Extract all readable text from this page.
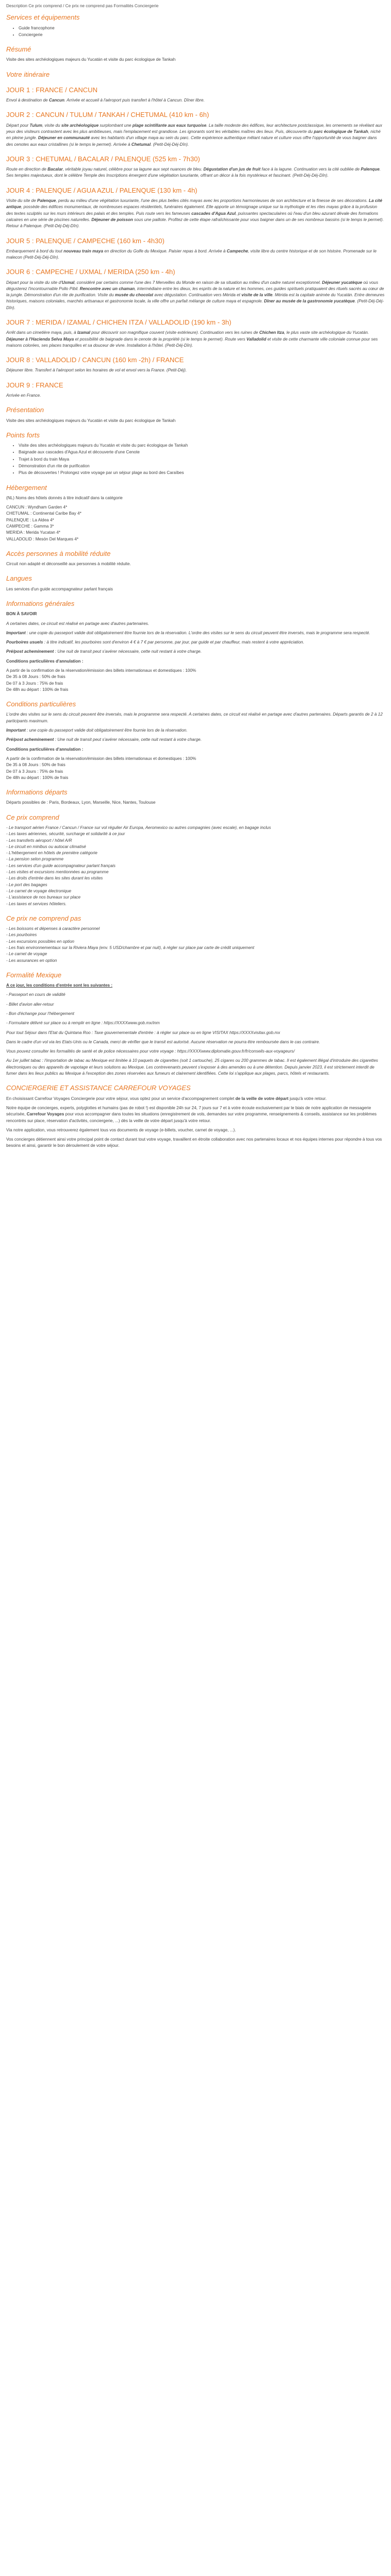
Description Ce prix comprend / Ce prix ne comprend pas Formalités Conciergerie

Services et équipements
• Guide francophone
• Conciergerie
Résumé

Visite des sites archéologiques majeurs du Yucatán et visite du parc écologique de Tankah

Votre itinéraire
JOUR 1 : FRANCE / CANCUN

Envol à destination de Cancun. Arrivée et accueil à l'aéroport puis transfert à l'hôtel à Cancun. Dîner libre.

JOUR 2 : CANCUN / TULUM / TANKAH / CHETUMAL (410 km - 6h)

Départ pour Tulum, visite du site archéologique surplombant une plage scintillante aux eaux turquoise. La taille modeste des édifices, leur architecture postclassique, les ornements se révélant aux yeux des visiteurs contrastent avec les plus ambitieuses, mais l'emplacement est grandiose. Les ignorants sont les véritables maîtres des lieux. Puis, découverte du parc écologique de Tankah, niché en pleine jungle. Déjeuner en communauté avec les habitants d'un village maya au sein du parc. Cette expérience authentique mêlant nature et culture vous offre l'opportunité de vous baigner dans des cenotes aux eaux cristallines (si le temps le permet). Arrivée à Chetumal. (Petit-Déj-Déj-Dîn).

JOUR 3 : CHETUMAL / BACALAR / PALENQUE (525 km - 7h30)

Route en direction de Bacalar, véritable joyau naturel, célèbre pour sa lagune aux sept nuances de bleu. Dégustation d'un jus de fruit face à la lagune. Continuation vers la cité oubliée de Palenque. Ses temples majestueux, dont le célèbre Temple des Inscriptions émergent d'une végétation luxuriante, offrant un décor à la fois mystérieux et fascinant. (Petit-Déj-Déj-Dîn).

JOUR 4 : PALENQUE / AGUA AZUL / PALENQUE (130 km - 4h)

Visite du site de Palenque, perdu au milieu d'une végétation luxuriante, l'une des plus belles cités mayas avec les proportions harmonieuses de son architecture et la finesse de ses décorations. La cité antique, possède des édifices monumentaux, de nombreuses espaces résidentiels, funéraires également. Elle apporte un témoignage unique sur la mythologie et les rites mayas grâce à la profusion des textes sculptés sur les murs intérieurs des palais et des temples. Puis route vers les fameuses cascades d'Agua Azul, puissantes spectaculaires où l'eau d'un bleu azurant dévale des formations calcaires en une série de piscines naturelles. Déjeuner de poisson sous une paillote. Profitez de cette étape rafraîchissante pour vous baigner dans un de ses nombreux bassins (si le temps le permet). Retour à Palenque. (Petit-Déj-Déj-Dîn).

JOUR 5 : PALENQUE / CAMPECHE (160 km - 4h30)

Embarquement à bord du tout nouveau train maya en direction du Golfe du Mexique. Paisier repas à bord. Arrivée à Campeche, visite libre du centre historique et de son histoire. Promenade sur le malecon (Petit-Déj-Déj-Dîn).

JOUR 6 : CAMPECHE / UXMAL / MERIDA (250 km - 4h)

Départ pour la visite du site d'Uxmal, considéré par certains comme l'une des 7 Merveilles du Monde en raison de sa situation au milieu d'un cadre naturel exceptionnel. Déjeuner yucatèque où vous dégusterez l'incontournable Pollo Pibil. Rencontre avec un chaman, intermédiaire entre les dieux, les esprits de la nature et les hommes, ces guides spirituels pratiquaient des rituels sacrés au cœur de la jungle. Démonstration d'un rite de purification. Visite du musée du chocolat avec dégustation. Continuation vers Mérida et visite de la ville. Mérida est la capitale animée du Yucatán. Entre demeures historiques, maisons coloniales, marchés artisanaux et gastronomie locale, la ville offre un parfait mélange de culture maya et espagnole. Dîner au musée de la gastronomie yucatèque. (Petit-Déj-Déj-Dîn).

JOUR 7 : MERIDA / IZAMAL / CHICHEN ITZA / VALLADOLID (190 km - 3h)

Arrêt dans un cimetière maya, puis, à Izamal pour découvrir son magnifique couvent (visite extérieure). Continuation vers les ruines de Chichen Itza, le plus vaste site archéologique du Yucatán. Déjeuner à l'Hacienda Selva Maya et possibilité de baignade dans le cenote de la propriété (si le temps le permet). Route vers Valladolid et visite de cette charmante ville coloniale connue pour ses maisons colorées, ses places tranquilles et sa douceur de vivre. Installation à l'hôtel. (Petit-Déj-Dîn).

JOUR 8 : VALLADOLID / CANCUN (160 km -2h) / FRANCE

Déjeuner libre. Transfert à l'aéroport selon les horaires de vol et envol vers la France. (Petit-Déj).

JOUR 9 : FRANCE

Arrivée en France.

Présentation

Visite des sites archéologiques majeurs du Yucatán et visite du parc écologique de Tankah

Points forts
• Visite des sites archéologiques majeurs du Yucatán et visite du parc écologique de Tankah
• Baignade aux cascades d'Agua Azul et découverte d'une Cenote
• Trajet à bord du train Maya
• Démonstration d'un rite de purification
• Plus de découvertes ! Prolongez votre voyage par un séjour plage au bord des Caraïbes
Hébergement

(NL) Noms des hôtels donnés à titre indicatif dans la catégorie

CANCUN : Wyndham Garden 4*

CHETUMAL : Continental Caribe Bay 4*

PALENQUE : La Aldea 4*

CAMPECHE : Gamma 3*

MERIDA : Merida Yucatan 4*

VALLADOLID : Mesón Del Marques 4*

Accès personnes à mobilité réduite

Circuit non adapté et déconseillé aux personnes à mobilité réduite.

Langues

Les services d'un guide accompagnateur parlant français

Informations générales

BON À SAVOIR

A certaines dates, ce circuit est réalisé en partage avec d'autres partenaires.

Important : une copie du passeport valide doit obligatoirement être fournie lors de la réservation. L'ordre des visites sur le sens du circuit peuvent être inversés, mais le programme sera respecté.

Pourboires usuels : à titre indicatif, les pourboires sont d'environ 4 € à 7 € par personne, par jour, par guide et par chauffeur, mais restent à votre appréciation.

Pré/post acheminement : Une nuit de transit peut s'avérer nécessaire, cette nuit restant à votre charge.

Conditions particulières d'annulation :

A partir de la confirmation de la réservation/émission des billets internationaux et domestiques : 100%

De 35 à 08 Jours : 50% de frais

De 07 à 3 Jours : 75% de frais

De 48h au départ : 100% de frais

Conditions particulières

L'ordre des visites sur le sens du circuit peuvent être inversés, mais le programme sera respecté. A certaines dates, ce circuit est réalisé en partage avec d'autres partenaires. Départs garantis de 2 à 12 participants maximum.

Important : une copie du passeport valide doit obligatoirement être fournie lors de la réservation.

Pré/post acheminement : Une nuit de transit peut s'avérer nécessaire, cette nuit restant à votre charge.

Conditions particulières d'annulation :

A partir de la confirmation de la réservation/émission des billets internationaux et domestiques : 100%

De 35 à 08 Jours : 50% de frais

De 07 à 3 Jours : 75% de frais

De 48h au départ : 100% de frais

Informations départs

Départs possibles de : Paris, Bordeaux, Lyon, Marseille, Nice, Nantes, Toulouse

Ce prix comprend

- Le transport aérien France / Cancun / France sur vol régulier Air Europa, Aeromexico ou autres compagnies (avec escale), en bagage inclus

- Les taxes aériennes, sécurité, surcharge et solidarité à ce jour

- Les transferts aéroport / hôtel A/R

- Le circuit en minibus ou autocar climatisé

- L'hébergement en hôtels de première catégorie

- La pension selon programme

- Les services d'un guide accompagnateur parlant français

- Les visites et excursions mentionnées au programme

- Les droits d'entrée dans les sites durant les visites

- Le port des bagages

- Le carnet de voyage électronique

- L'assistance de nos bureaux sur place

- Les taxes et services hôteliers.

Ce prix ne comprend pas

- Les boissons et dépenses à caractère personnel

- Les pourboires

- Les excursions possibles en option

- Les frais environnementaux sur la Riviera Maya (env. 5 USD/chambre et par nuit), à régler sur place par carte de crédit uniquement

- Le carnet de voyage

- Les assurances en option

Formalité Mexique

A ce jour, les conditions d'entrée sont les suivantes :

- Passeport en cours de validité

- Billet d'avion aller-retour

- Bon d'échange pour l'hébergement

- Formulaire délivré sur place ou à remplir en ligne : https://XXXXwww.gob.mx/inm

Pour tout Séjour dans l'Etat du Quintana Roo : Taxe gouvernementale d'entrée : à régler sur place ou en ligne VISITAX https://XXXXvisitax.gob.mx

Dans le cadre d'un vol via les Etats-Unis ou le Canada, merci de vérifier que le transit est autorisé. Aucune réservation ne pourra être remboursée dans le cas contraire.

Vous pouvez consulter les formalités de santé et de police nécessaires pour votre voyage : https://XXXXwww.diplomatie.gouv.fr/fr/conseils-aux-voyageurs/

Au 1er juillet tabac : l'importation de tabac au Mexique est limitée à 10 paquets de cigarettes (soit 1 cartouche), 25 cigares ou 200 grammes de tabac. Il est également illégal d'introduire des cigarettes électroniques ou des appareils de vapotage et leurs solutions au Mexique. Les contrevenants peuvent s'exposer à des amendes ou à une détention. Depuis janvier 2023, il est strictement interdit de fumer dans les lieux publics au Mexique à l'exception des zones réservées aux fumeurs et clairement identifiées. Cette loi s'applique aux plages, parcs, hôtels et restaurants.

CONCIERGERIE ET ASSISTANCE CARREFOUR VOYAGES

En choisissant Carrefour Voyages Conciergerie pour votre séjour, vous optez pour un service d'accompagnement complet de la veille de votre départ jusqu'à votre retour.

Notre équipe de concierges, experts, polyglottes et humains (pas de robot !) est disponible 24h sur 24, 7 jours sur 7 et à votre écoute exclusivement par le biais de notre application de messagerie sécurisée, Carrefour Voyages pour vous accompagner dans toutes les situations (enregistrement de vols, demandes sur votre programme, renseignements & conseils, assistance sur les problèmes rencontrés sur place, réservation d'activités, conciergerie, ...) dès la veille de votre départ jusqu'à votre retour.

Via notre application, vous retrouverez également tous vos documents de voyage (e-billets, voucher, carnet de voyage, ...).

Vos concierges détiennent ainsi votre principal point de contact durant tout votre voyage, travaillent en étroite collaboration avec nos partenaires locaux et nos équipes internes pour répondre à tous vos besoins et ainsi, garantir le bon déroulement de votre séjour.
